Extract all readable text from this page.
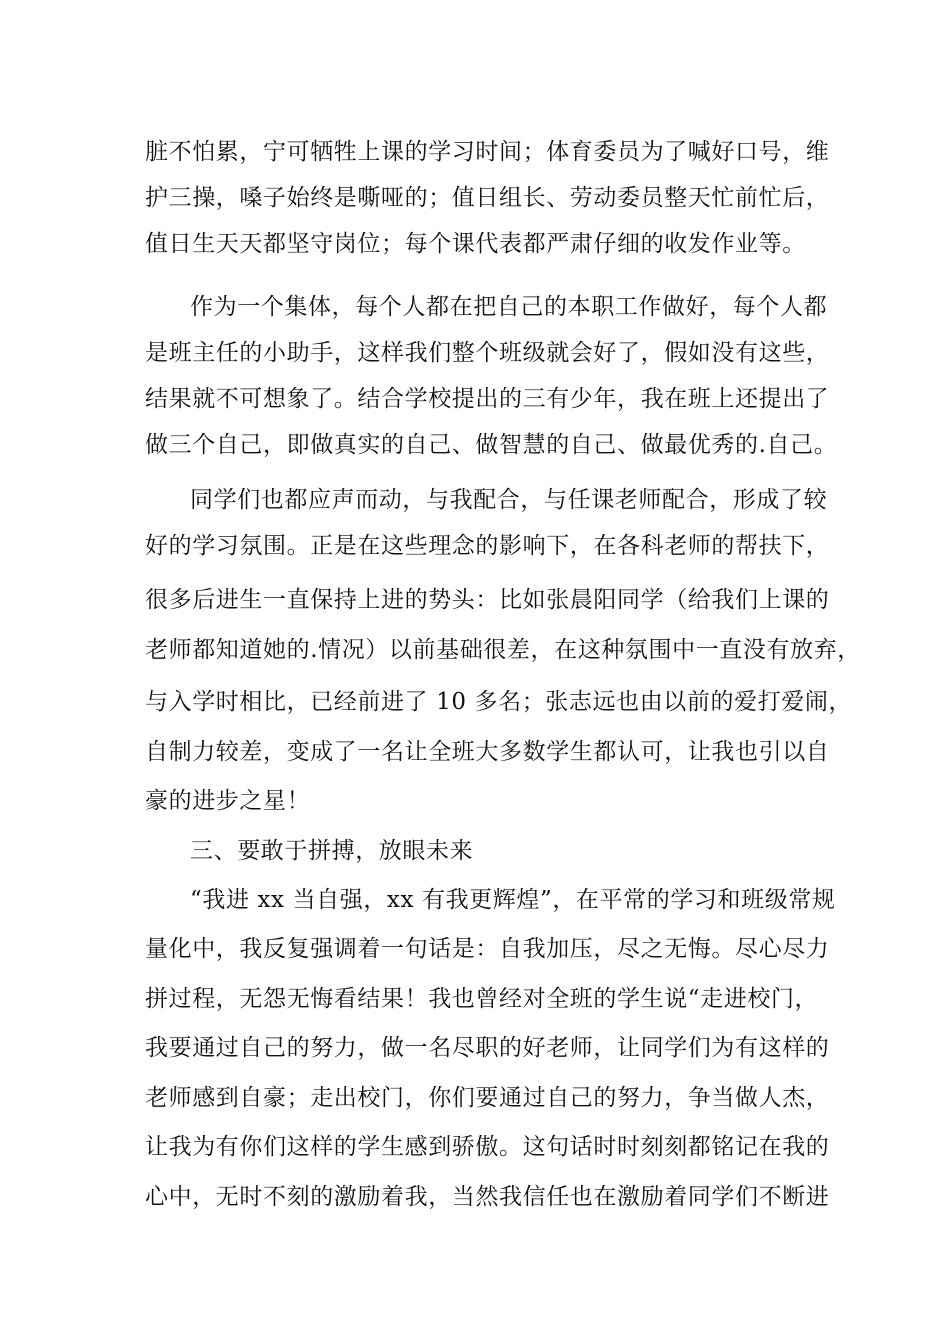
脏不怕累，宁可牺牲上课的学习时间；体育委员为了喊好口号，维
护三操，嗓子始终是嘶哑的；值日组长、劳动委员整天忙前忙后，
值日生天天都坚守岗位；每个课代表都严肃仔细的收发作业等。
作为一个集体，每个人都在把自己的本职工作做好，每个人都
是班主任的小助手，这样我们整个班级就会好了，假如没有这些，
结果就不可想象了。结合学校提出的三有少年，我在班上还提出了
做三个自己，即做真实的自己、做智慧的自己、做最优秀的.自己。
同学们也都应声而动，与我配合，与任课老师配合，形成了较
好的学习氛围。正是在这些理念的影响下，在各科老师的帮扶下，
很多后进生一直保持上进的势头：比如张晨阳同学（给我们上课的
老师都知道她的.情况）以前基础很差，在这种氛围中一直没有放弃，
与入学时相比，已经前进了 10 多名；张志远也由以前的爱打爱闹，
自制力较差，变成了一名让全班大多数学生都认可，让我也引以自
豪的进步之星！
三、要敢于拼搏，放眼未来
“我进 xx 当自强，xx 有我更辉煌”，在平常的学习和班级常规
量化中，我反复强调着一句话是：自我加压，尽之无悔。尽心尽力
拼过程，无怨无悔看结果！我也曾经对全班的学生说“走进校门，
我要通过自己的努力，做一名尽职的好老师，让同学们为有这样的
老师感到自豪；走出校门，你们要通过自己的努力，争当做人杰，
让我为有你们这样的学生感到骄傲。这句话时时刻刻都铭记在我的
心中，无时不刻的激励着我，当然我信任也在激励着同学们不断进
